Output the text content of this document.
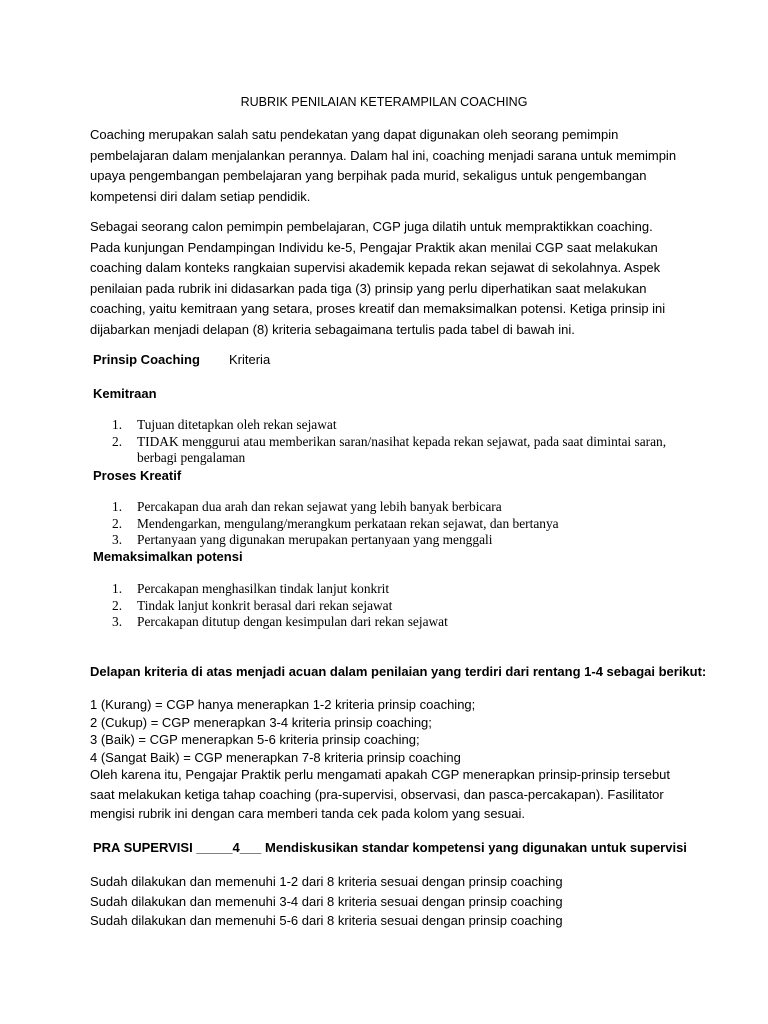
RUBRIK PENILAIAN KETERAMPILAN COACHING

Coaching merupakan salah satu pendekatan yang dapat digunakan oleh seorang pemimpin pembelajaran dalam menjalankan perannya. Dalam hal ini, coaching menjadi sarana untuk memimpin upaya pengembangan pembelajaran yang berpihak pada murid, sekaligus untuk pengembangan kompetensi diri dalam setiap pendidik.

Sebagai seorang calon pemimpin pembelajaran, CGP juga dilatih untuk mempraktikkan coaching. Pada kunjungan Pendampingan Individu ke-5, Pengajar Praktik akan menilai CGP saat melakukan coaching dalam konteks rangkaian supervisi akademik kepada rekan sejawat di sekolahnya. Aspek penilaian pada rubrik ini didasarkan pada tiga (3) prinsip yang perlu diperhatikan saat melakukan coaching, yaitu kemitraan yang setara, proses kreatif dan memaksimalkan potensi. Ketiga prinsip ini dijabarkan menjadi delapan (8) kriteria sebagaimana tertulis pada tabel di bawah ini.

Prinsip Coaching Kriteria
Kemitraan
1. Tujuan ditetapkan oleh rekan sejawat
2. TIDAK menggurui atau memberikan saran/nasihat kepada rekan sejawat, pada saat dimintai saran, berbagi pengalaman
Proses Kreatif
1. Percakapan dua arah dan rekan sejawat yang lebih banyak berbicara
2. Mendengarkan, mengulang/merangkum perkataan rekan sejawat, dan bertanya
3. Pertanyaan yang digunakan merupakan pertanyaan yang menggali
Memaksimalkan potensi
1. Percakapan menghasilkan tindak lanjut konkrit
2. Tindak lanjut konkrit berasal dari rekan sejawat
3. Percakapan ditutup dengan kesimpulan dari rekan sejawat
Delapan kriteria di atas menjadi acuan dalam penilaian yang terdiri dari rentang 1-4 sebagai berikut:
1 (Kurang) = CGP hanya menerapkan 1-2 kriteria prinsip coaching;
2 (Cukup) = CGP menerapkan 3-4 kriteria prinsip coaching;
3 (Baik) = CGP menerapkan 5-6 kriteria prinsip coaching;
4 (Sangat Baik) = CGP menerapkan 7-8 kriteria prinsip coaching
Oleh karena itu, Pengajar Praktik perlu mengamati apakah CGP menerapkan prinsip-prinsip tersebut
saat melakukan ketiga tahap coaching (pra-supervisi, observasi, dan pasca-percakapan). Fasilitator
mengisi rubrik ini dengan cara memberi tanda cek pada kolom yang sesuai.
PRA SUPERVISI _____4___ Mendiskusikan standar kompetensi yang digunakan untuk supervisi
Sudah dilakukan dan memenuhi 1-2 dari 8 kriteria sesuai dengan prinsip coaching
Sudah dilakukan dan memenuhi 3-4 dari 8 kriteria sesuai dengan prinsip coaching
Sudah dilakukan dan memenuhi 5-6 dari 8 kriteria sesuai dengan prinsip coaching
